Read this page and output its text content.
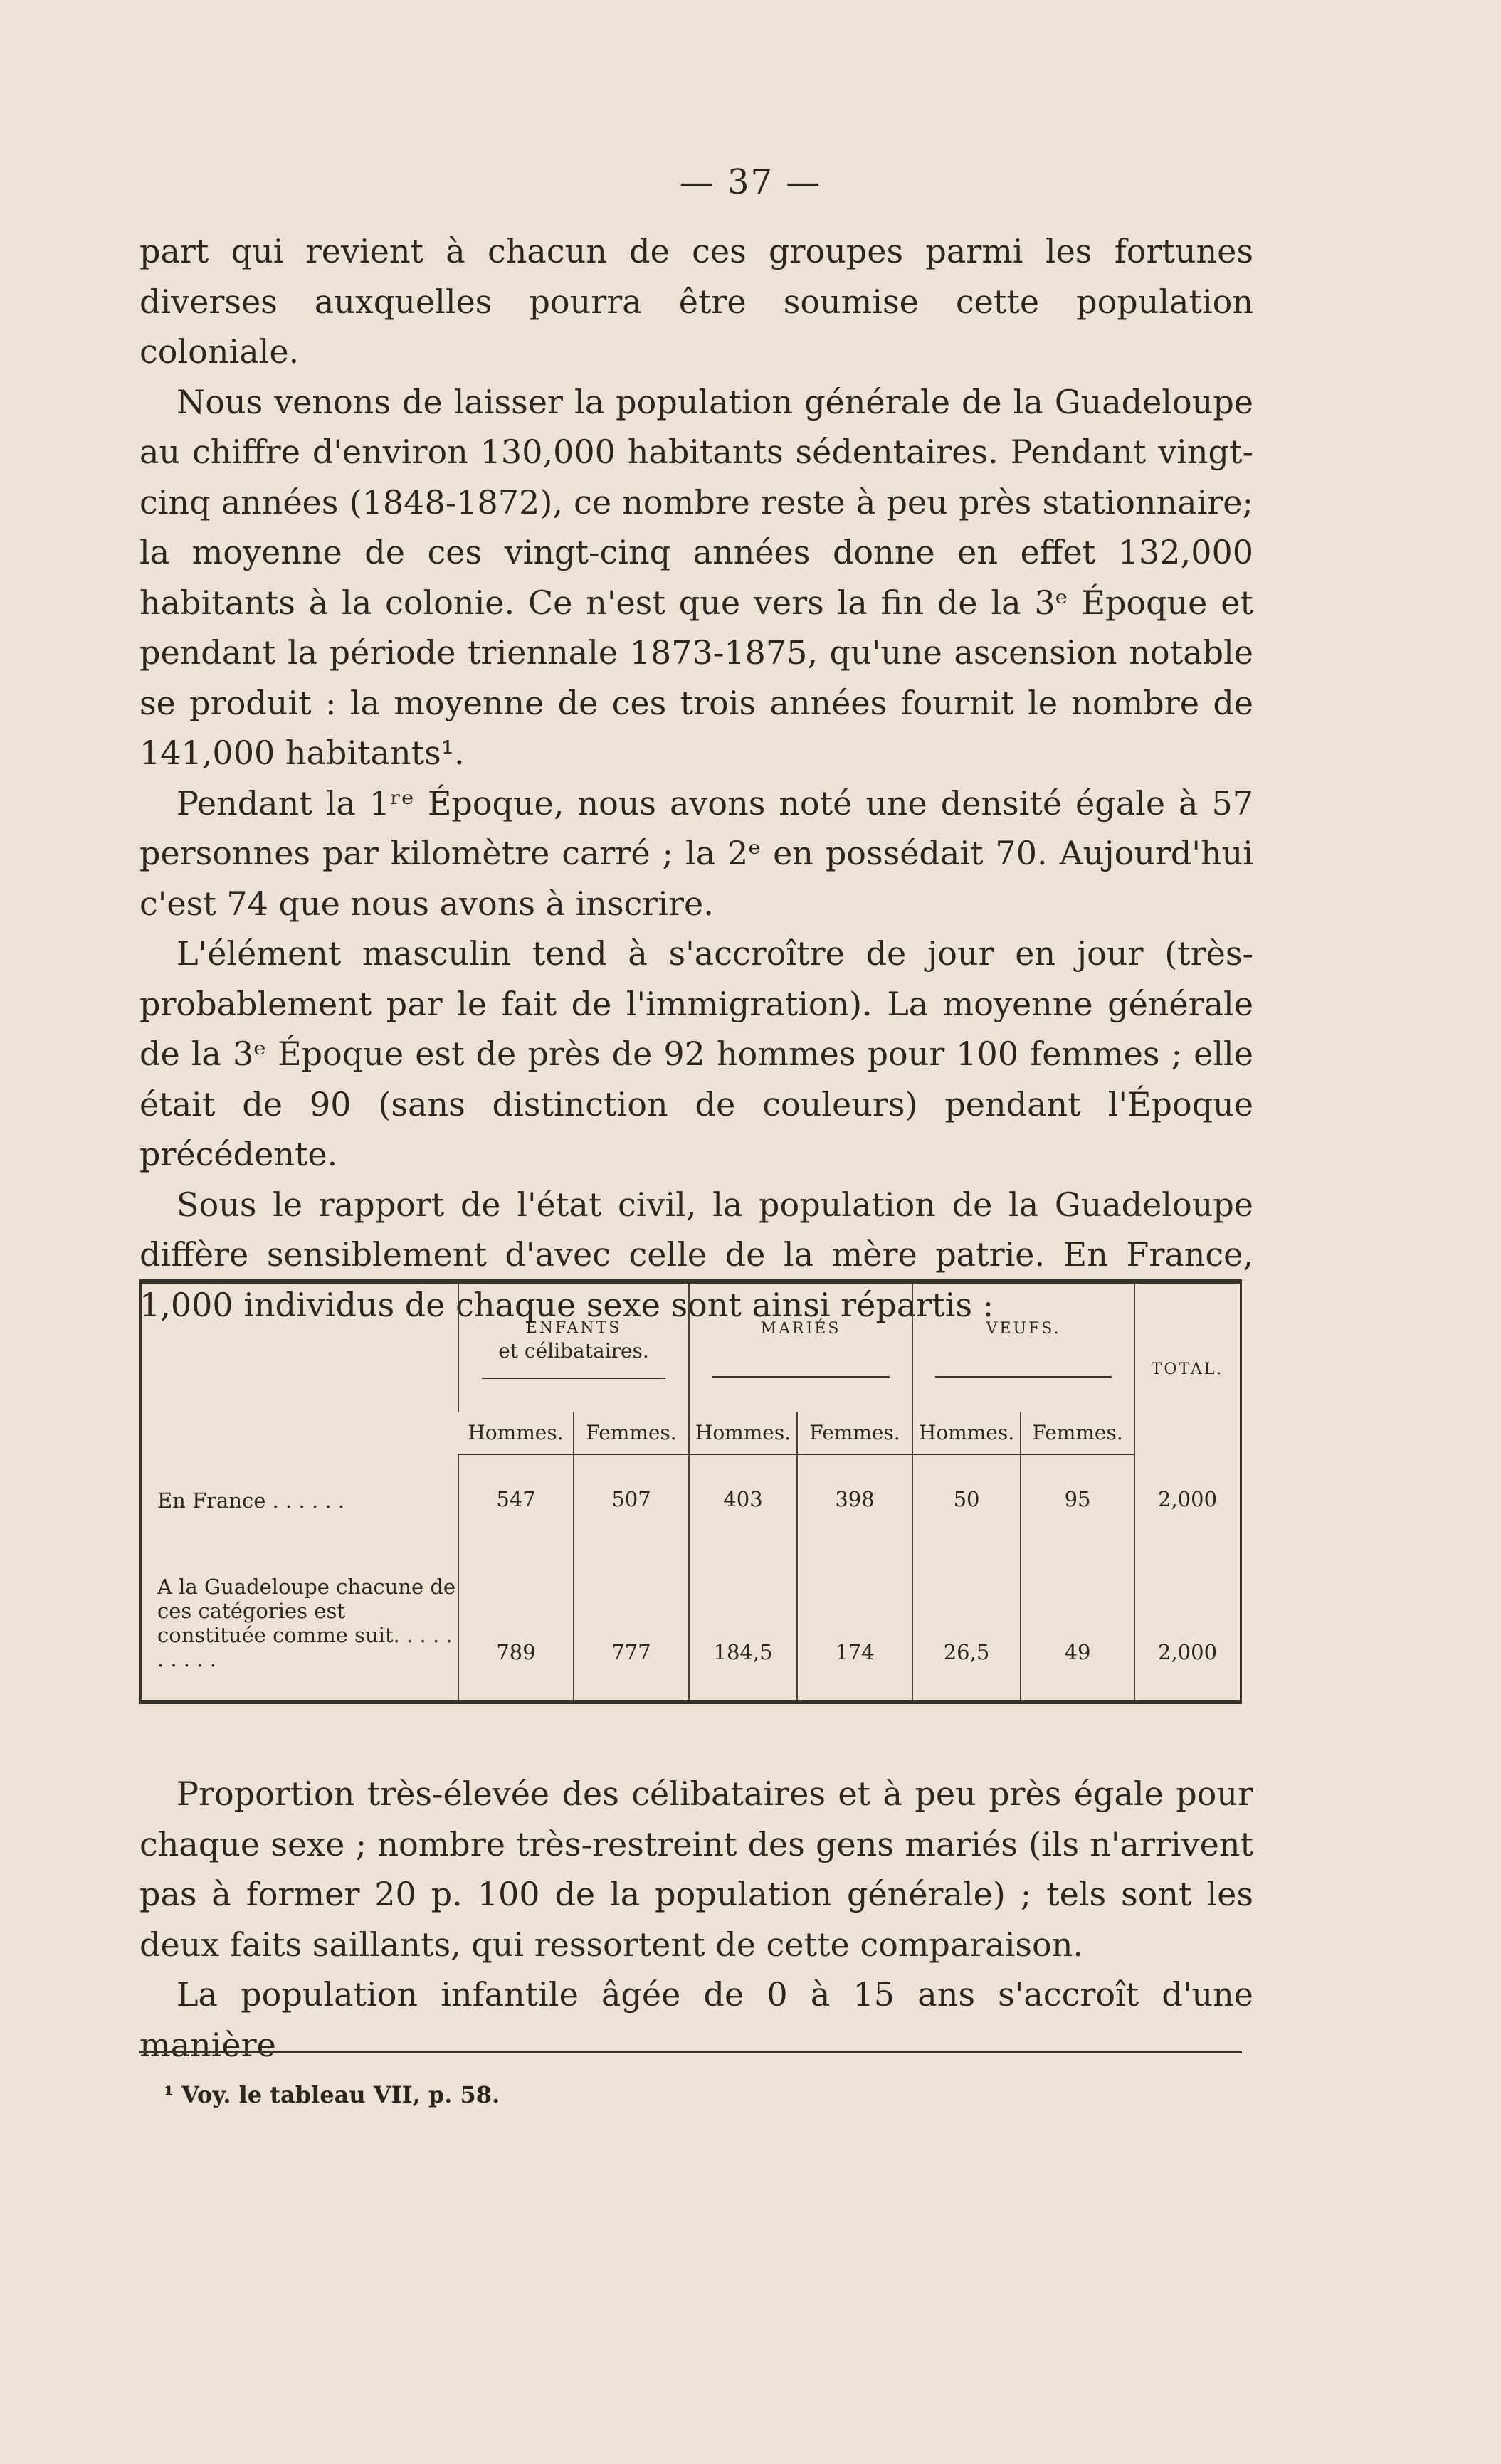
— 37 —

part qui revient à chacun de ces groupes parmi les fortunes diverses auxquelles pourra être soumise cette population coloniale.

Nous venons de laisser la population générale de la Guadeloupe au chiffre d'environ 130,000 habitants sédentaires. Pendant vingt-cinq années (1848-1872), ce nombre reste à peu près stationnaire; la moyenne de ces vingt-cinq années donne en effet 132,000 habitants à la colonie. Ce n'est que vers la fin de la 3ᵉ Époque et pendant la période triennale 1873-1875, qu'une ascension notable se produit : la moyenne de ces trois années fournit le nombre de 141,000 habitants¹.

Pendant la 1ʳᵉ Époque, nous avons noté une densité égale à 57 personnes par kilomètre carré ; la 2ᵉ en possédait 70. Aujourd'hui c'est 74 que nous avons à inscrire.

L'élément masculin tend à s'accroître de jour en jour (très-probablement par le fait de l'immigration). La moyenne générale de la 3ᵉ Époque est de près de 92 hommes pour 100 femmes ; elle était de 90 (sans distinction de couleurs) pendant l'Époque précédente.

Sous le rapport de l'état civil, la population de la Guadeloupe diffère sensiblement d'avec celle de la mère patrie. En France, 1,000 individus de chaque sexe sont ainsi répartis :

	ENFANTS
et célibataires.		MARIÉS		VEUFS.		TOTAL.
	Hommes.	Femmes.	Hommes.	Femmes.	Hommes.	Femmes.	
En France . . . . . .	547	507	403	398	50	95	2,000
A la Guadeloupe chacune de ces catégories est constituée comme suit. . . . . . . . . .	789	777	184,5	174	26,5	49	2,000

Proportion très-élevée des célibataires et à peu près égale pour chaque sexe ; nombre très-restreint des gens mariés (ils n'arrivent pas à former 20 p. 100 de la population générale) ; tels sont les deux faits saillants, qui ressortent de cette comparaison.

La population infantile âgée de 0 à 15 ans s'accroît d'une manière

¹ Voy. le tableau VII, p. 58.
